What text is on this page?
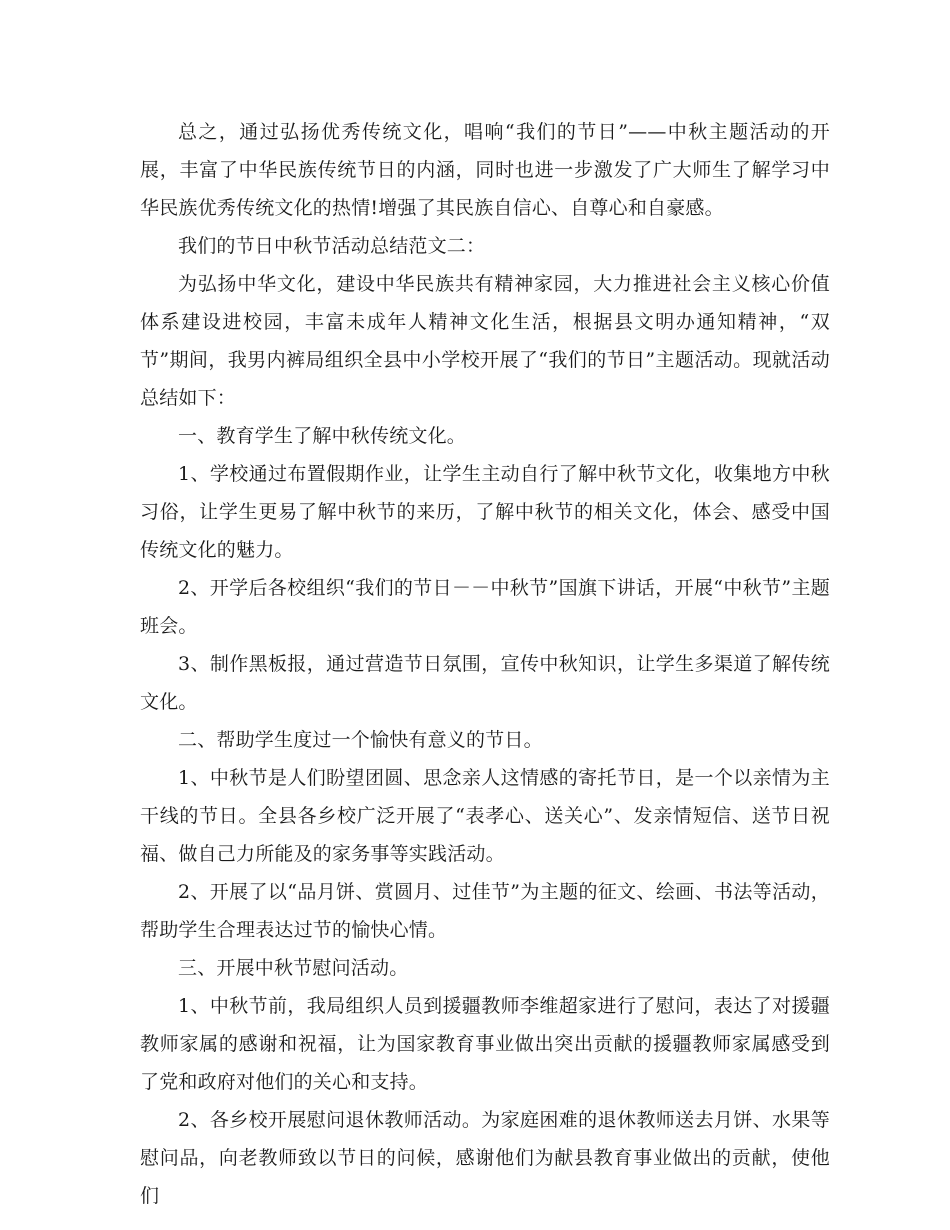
总之，通过弘扬优秀传统文化，唱响“我们的节日”——中秋主题活动的开展，丰富了中华民族传统节日的内涵，同时也进一步激发了广大师生了解学习中华民族优秀传统文化的热情!增强了其民族自信心、自尊心和自豪感。

我们的节日中秋节活动总结范文二：

为弘扬中华文化，建设中华民族共有精神家园，大力推进社会主义核心价值体系建设进校园，丰富未成年人精神文化生活，根据县文明办通知精神，“双节”期间，我男内裤局组织全县中小学校开展了“我们的节日”主题活动。现就活动总结如下：

一、教育学生了解中秋传统文化。

1、学校通过布置假期作业，让学生主动自行了解中秋节文化，收集地方中秋习俗，让学生更易了解中秋节的来历，了解中秋节的相关文化，体会、感受中国传统文化的魅力。

2、开学后各校组织“我们的节日－－中秋节”国旗下讲话，开展“中秋节”主题班会。

3、制作黑板报，通过营造节日氛围，宣传中秋知识，让学生多渠道了解传统文化。

二、帮助学生度过一个愉快有意义的节日。

1、中秋节是人们盼望团圆、思念亲人这情感的寄托节日，是一个以亲情为主干线的节日。全县各乡校广泛开展了“表孝心、送关心”、发亲情短信、送节日祝福、做自己力所能及的家务事等实践活动。

2、开展了以“品月饼、赏圆月、过佳节”为主题的征文、绘画、书法等活动，帮助学生合理表达过节的愉快心情。

三、开展中秋节慰问活动。

1、中秋节前，我局组织人员到援疆教师李维超家进行了慰问，表达了对援疆教师家属的感谢和祝福，让为国家教育事业做出突出贡献的援疆教师家属感受到了党和政府对他们的关心和支持。

2、各乡校开展慰问退休教师活动。为家庭困难的退休教师送去月饼、水果等慰问品，向老教师致以节日的问候，感谢他们为献县教育事业做出的贡献，使他们
